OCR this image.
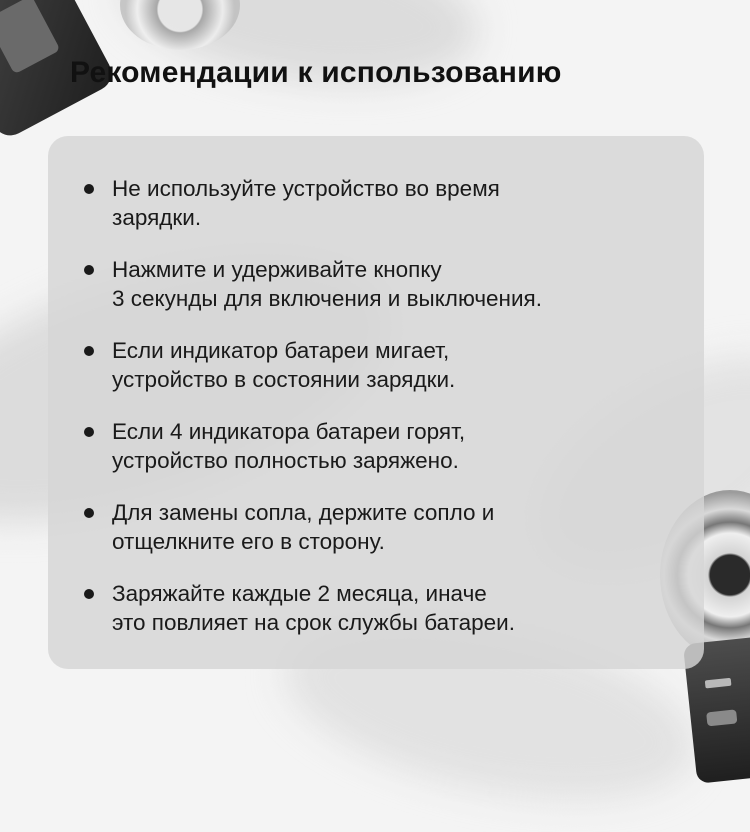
Рекомендации к использованию
Не используйте устройство во время
зарядки.
Нажмите и удерживайте кнопку
3 секунды для включения и выключения.
Если индикатор батареи мигает,
устройство в состоянии зарядки.
Если 4 индикатора батареи горят,
устройство полностью заряжено.
Для замены сопла, держите сопло и
отщелкните его в сторону.
Заряжайте каждые 2 месяца, иначе
это повлияет на срок службы батареи.
